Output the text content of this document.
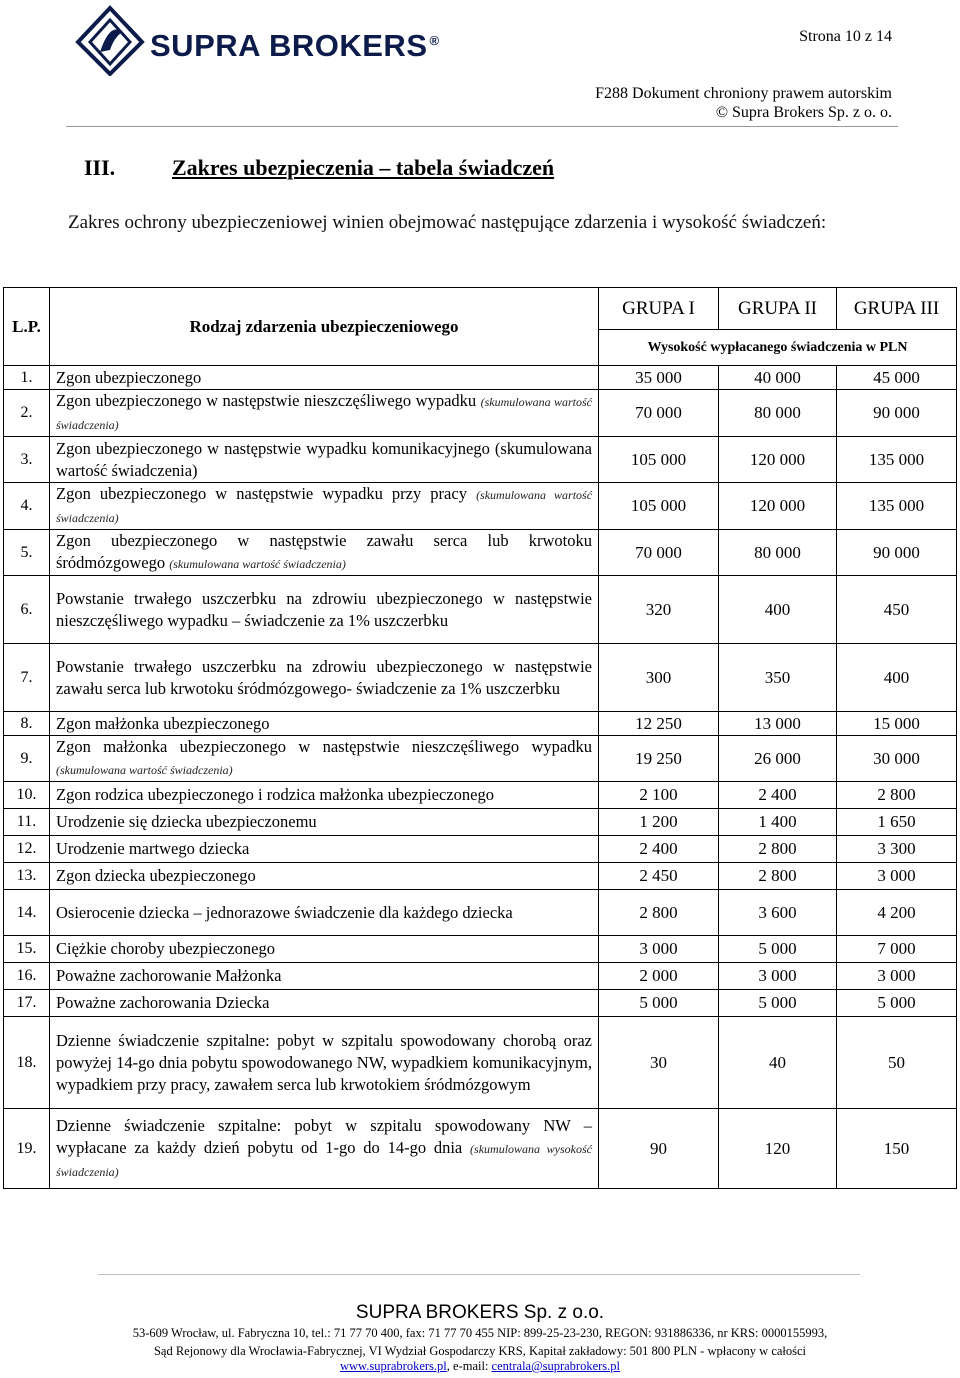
SUPRA BROKERS ®	Strona 10 z 14
F288 Dokument chroniony prawem autorskim
© Supra Brokers Sp. z o. o.
III.	Zakres ubezpieczenia – tabela świadczeń
Zakres ochrony ubezpieczeniowej winien obejmować następujące zdarzenia i wysokość świadczeń:
L.P.	Rodzaj zdarzenia ubezpieczeniowego	GRUPA I	GRUPA II	GRUPA III
		Wysokość wypłacanego świadczenia w PLN		
1.	Zgon ubezpieczonego	35 000	40 000	45 000
2.	Zgon ubezpieczonego w następstwie nieszczęśliwego wypadku (skumulowana wartość świadczenia)	70 000	80 000	90 000
3.	Zgon ubezpieczonego w następstwie wypadku komunikacyjnego (skumulowana wartość świadczenia)	105 000	120 000	135 000
4.	Zgon ubezpieczonego w następstwie wypadku przy pracy (skumulowana wartość świadczenia)	105 000	120 000	135 000
5.	Zgon ubezpieczonego w następstwie zawału serca lub krwotoku śródmózgowego (skumulowana wartość świadczenia)	70 000	80 000	90 000
6.	Powstanie trwałego uszczerbku na zdrowiu ubezpieczonego w następstwie nieszczęśliwego wypadku – świadczenie za 1% uszczerbku	320	400	450
7.	Powstanie trwałego uszczerbku na zdrowiu ubezpieczonego w następstwie zawału serca lub krwotoku śródmózgowego- świadczenie za 1% uszczerbku	300	350	400
8.	Zgon małżonka ubezpieczonego	12 250	13 000	15 000
9.	Zgon małżonka ubezpieczonego w następstwie nieszczęśliwego wypadku (skumulowana wartość świadczenia)	19 250	26 000	30 000
10.	Zgon rodzica ubezpieczonego i rodzica małżonka ubezpieczonego	2 100	2 400	2 800
11.	Urodzenie się dziecka ubezpieczonemu	1 200	1 400	1 650
12.	Urodzenie martwego dziecka	2 400	2 800	3 300
13.	Zgon dziecka ubezpieczonego	2 450	2 800	3 000
14.	Osierocenie dziecka – jednorazowe świadczenie dla każdego dziecka	2 800	3 600	4 200
15.	Ciężkie choroby ubezpieczonego	3 000	5 000	7 000
16.	Poważne zachorowanie Małżonka	2 000	3 000	3 000
17.	Poważne zachorowania Dziecka	5 000	5 000	5 000
18.	Dzienne świadczenie szpitalne: pobyt w szpitalu spowodowany chorobą oraz powyżej 14-go dnia pobytu spowodowanego NW, wypadkiem komunikacyjnym, wypadkiem przy pracy, zawałem serca lub krwotokiem śródmózgowym	30	40	50
19.	Dzienne świadczenie szpitalne: pobyt w szpitalu spowodowany NW – wypłacane za każdy dzień pobytu od 1-go do 14-go dnia (skumulowana wysokość świadczenia)	90	120	150
SUPRA BROKERS Sp. z o.o.
53-609 Wrocław, ul. Fabryczna 10, tel.: 71 77 70 400, fax: 71 77 70 455 NIP: 899-25-23-230, REGON: 931886336, nr KRS: 0000155993,
Sąd Rejonowy dla Wrocławia-Fabrycznej, VI Wydział Gospodarczy KRS, Kapitał zakładowy: 501 800 PLN - wpłacony w całości
www.suprabrokers.pl, e-mail: centrala@suprabrokers.pl
